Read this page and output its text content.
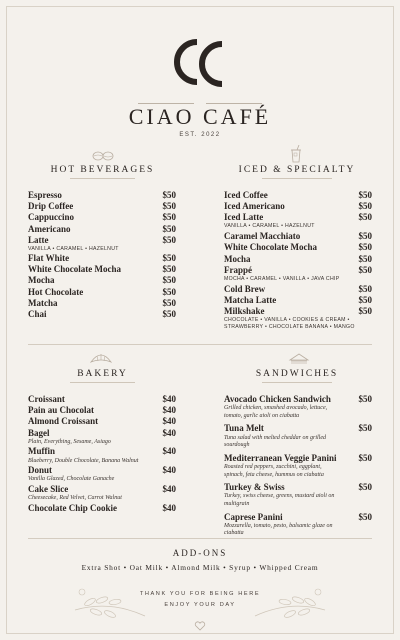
CIAO CAFÉ
EST. 2022
HOT BEVERAGES	ICED & SPECIALTY
Espresso	$50
Drip Coffee	$50
Cappuccino	$50
Americano	$50
Latte	$50
VANILLA • CARAMEL • HAZELNUT
Flat White	$50
White Chocolate Mocha	$50
Mocha	$50
Hot Chocolate	$50
Matcha	$50
Chai	$50
Iced Coffee	$50
Iced Americano	$50
Iced Latte	$50
VANILLA • CARAMEL • HAZELNUT
Caramel Macchiato	$50
White Chocolate Mocha	$50
Mocha	$50
Frappé	$50
MOCHA • CARAMEL • VANILLA • JAVA CHIP
Cold Brew	$50
Matcha Latte	$50
Milkshake	$50
CHOCOLATE • VANILLA • COOKIES & CREAM • STRAWBERRY • CHOCOLATE BANANA • MANGO
BAKERY	SANDWICHES
Croissant	$40
Pain au Chocolat	$40
Almond Croissant	$40
Bagel	$40
Plain, Everything, Sesame, Asiago
Muffin	$40
Blueberry, Double Chocolate, Banana Walnut
Donut	$40
Vanilla Glazed, Chocolate Ganache
Cake Slice	$40
Cheesecake, Red Velvet, Carrot Walnut
Chocolate Chip Cookie	$40
Avocado Chicken Sandwich	$50
Grilled chicken, smashed avocado, lettuce, tomato, garlic aioli on ciabatta
Tuna Melt	$50
Tuna salad with melted cheddar on grilled sourdough
Mediterranean Veggie Panini $50
Roasted red peppers, zucchini, eggplant, spinach, feta cheese, hummus on ciabatta
Turkey & Swiss	$50
Turkey, swiss cheese, greens, mustard aioli on multigrain
Caprese Panini	$50
Mozzarella, tomato, pesto, balsamic glaze on ciabatta
ADD-ONS
Extra Shot • Oat Milk • Almond Milk • Syrup • Whipped Cream
THANK YOU FOR BEING HERE
ENJOY YOUR DAY
